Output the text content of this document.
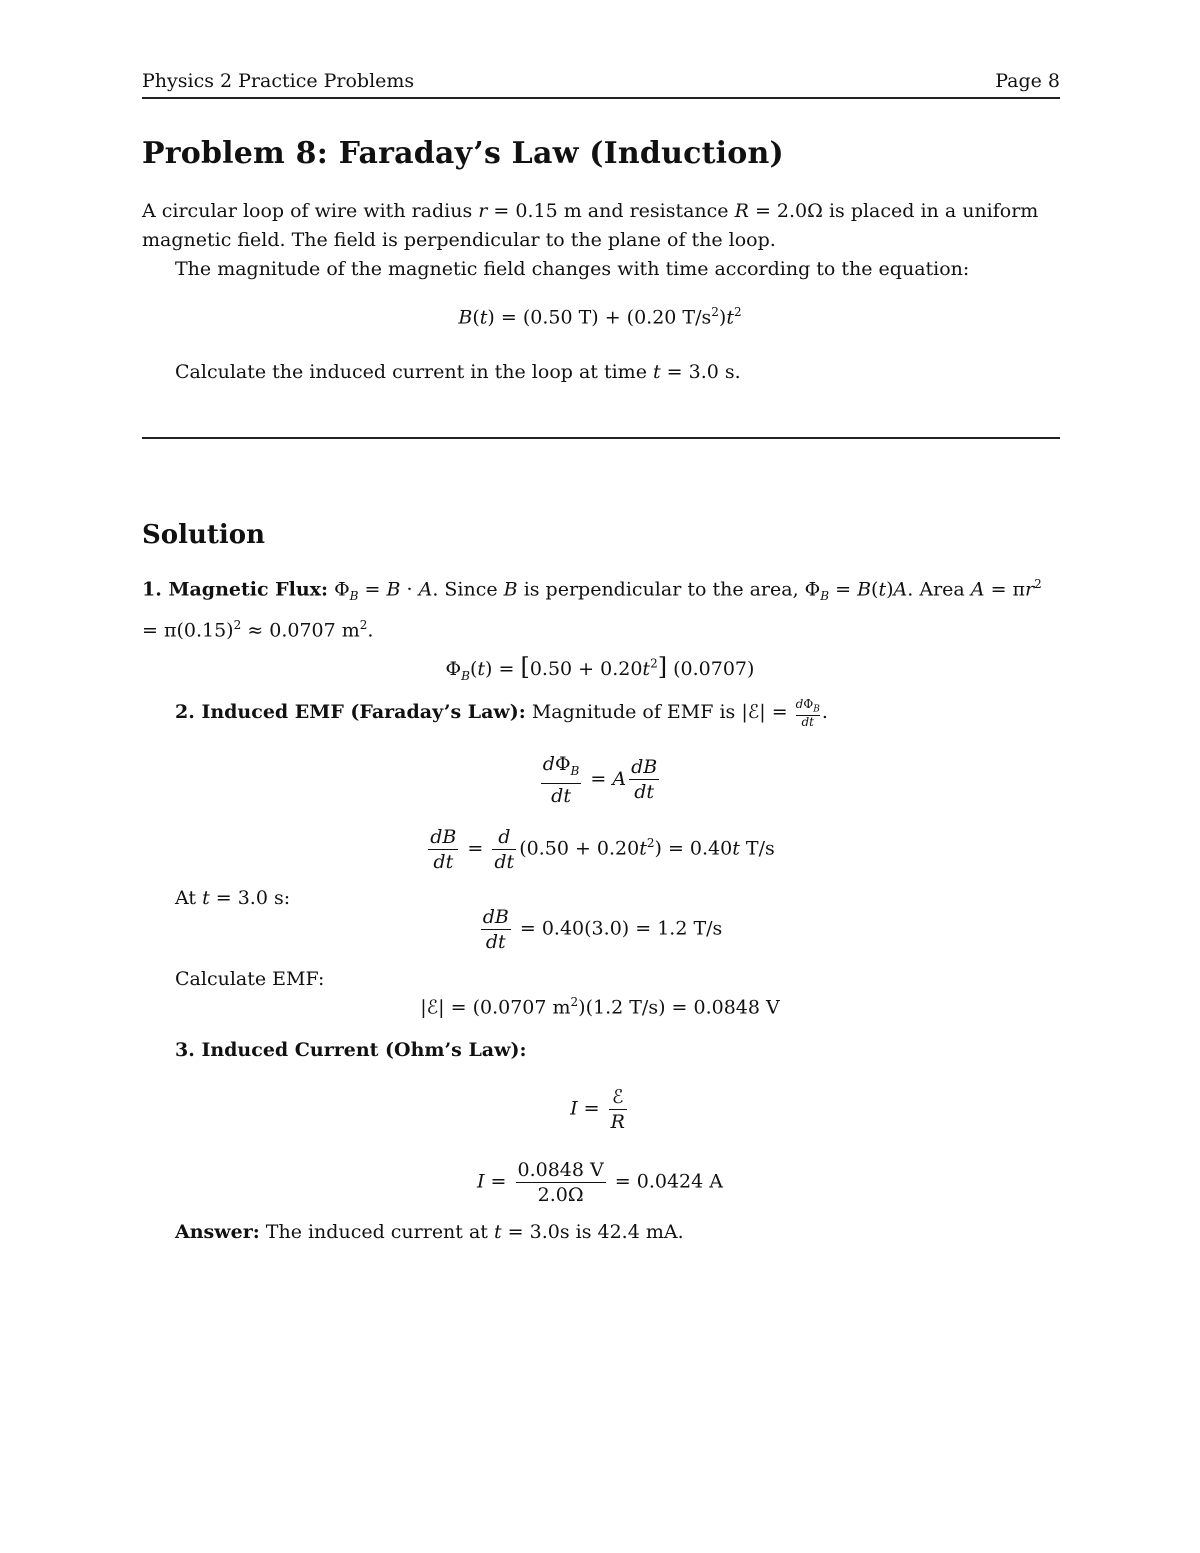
Physics 2 Practice Problems	Page 8
Problem 8: Faraday’s Law (Induction)
A circular loop of wire with radius r = 0.15 m and resistance R = 2.0Ω is placed in a uniform magnetic field. The field is perpendicular to the plane of the loop.
The magnitude of the magnetic field changes with time according to the equation:
B(t) = (0.50 T) + (0.20 $T/s^2)t^2$
Calculate the induced current in the loop at time t = 3.0 s.
Solution
1. Magnetic Flux: $\Phi_B = B \cdot A$. Since B is perpendicular to the area, $\Phi_B = B(t)A$. Area $A = \pi r^2 = \pi(0.15)^2 \approx 0.0707$ $m^2$.
$\Phi_B(t) = [0.50 + 0.20t^2]$ (0.0707)
2. Induced EMF (Faraday’s Law): Magnitude of EMF is |ℰ| = $d\Phi_B$
dt .
$\frac{d\Phi_B}{dt} = A \frac{dB}{dt}$
$\frac{dB}{dt} = \frac{d}{dt} (0.50 + 0.20t^2) = 0.40t$ T/s
At t = 3.0 s:
$\frac{dB}{dt} = 0.40(3.0) = 1.2$ T/s
Calculate EMF:
|ℰ| = (0.0707 $m^2)(1.2$ T/s) = 0.0848 V
3. Induced Current (Ohm’s Law):
$I = \frac{\text{ℰ}}{R}$
$I = \frac{0.0848 V}{2.0\Omega} = 0.0424$ A
Answer: The induced current at t = 3.0s is 42.4 mA.
